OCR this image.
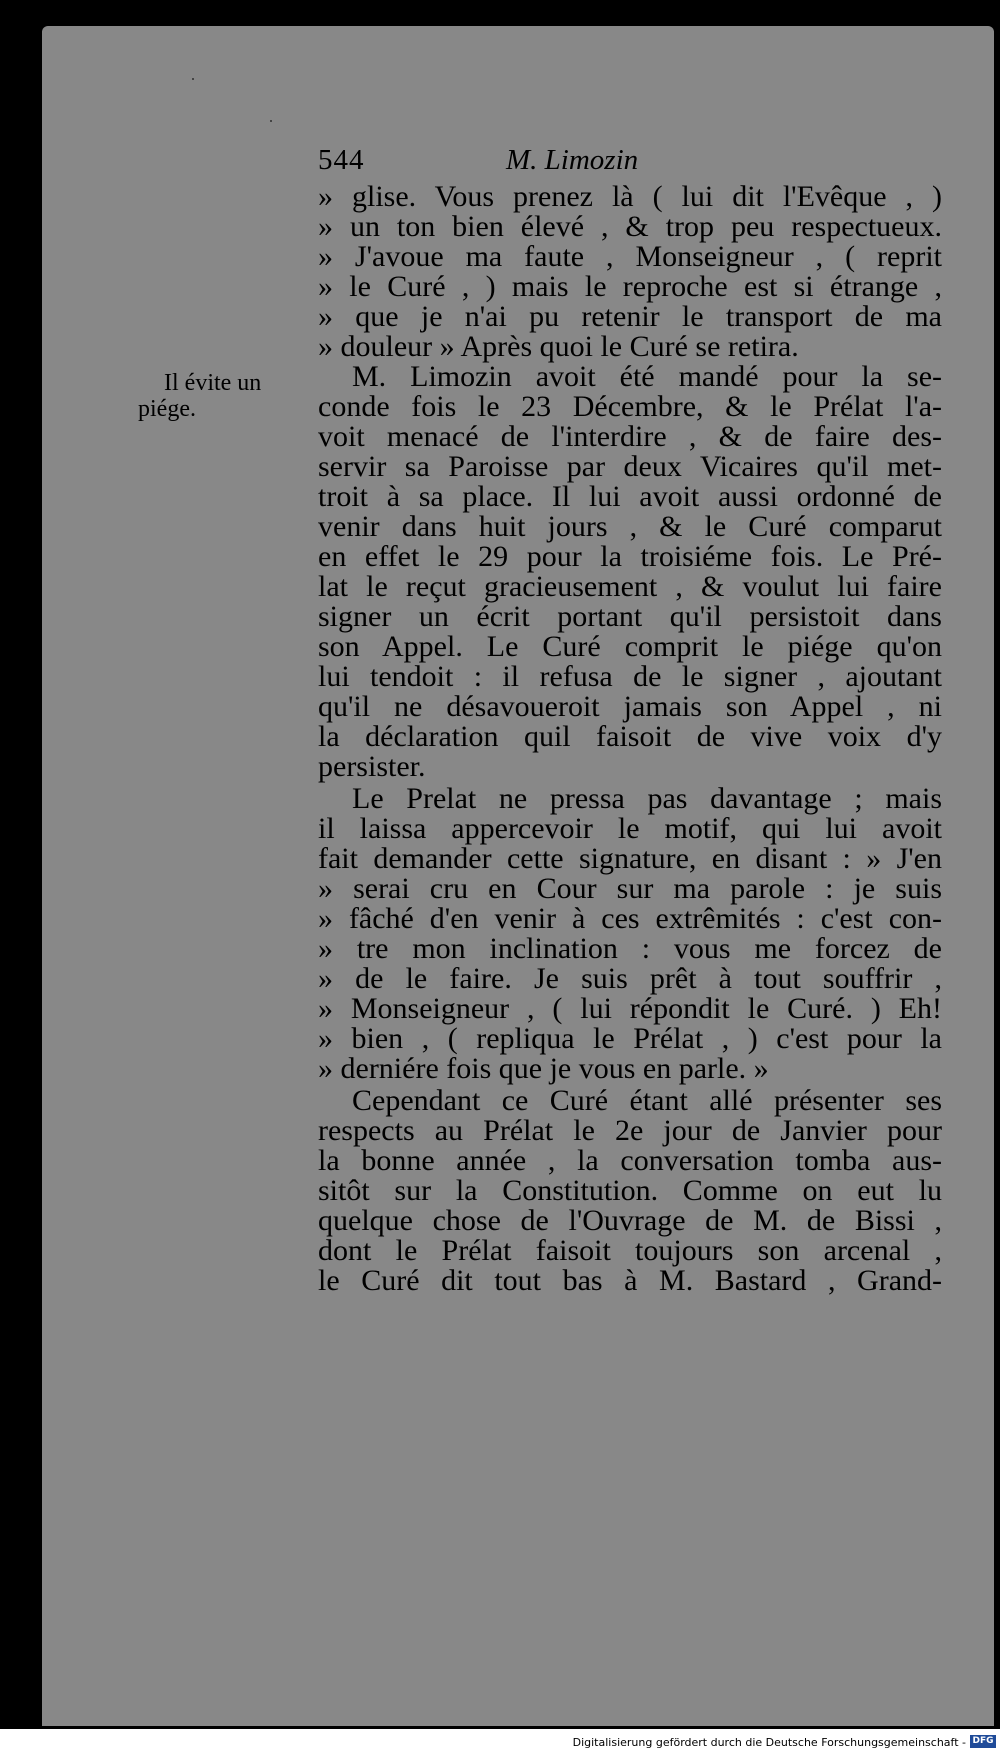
544	M. Limozin
Il évite un
piége.
» glise. Vous prenez là ( lui dit l'Evêque , )
» un ton bien élevé , & trop peu respectueux.
» J'avoue ma faute , Monseigneur , ( reprit
» le Curé , ) mais le reproche est si étrange ,
» que je n'ai pu retenir le transport de ma
» douleur » Après quoi le Curé se retira.
M. Limozin avoit été mandé pour la se-
conde fois le 23 Décembre, & le Prélat l'a-
voit menacé de l'interdire , & de faire des-
servir sa Paroisse par deux Vicaires qu'il met-
troit à sa place. Il lui avoit aussi ordonné de
venir dans huit jours , & le Curé comparut
en effet le 29 pour la troisiéme fois. Le Pré-
lat le reçut gracieusement , & voulut lui faire
signer un écrit portant qu'il persistoit dans
son Appel. Le Curé comprit le piége qu'on
lui tendoit : il refusa de le signer , ajoutant
qu'il ne désavoueroit jamais son Appel , ni
la déclaration quil faisoit de vive voix d'y
persister.
Le Prelat ne pressa pas davantage ; mais
il laissa appercevoir le motif, qui lui avoit
fait demander cette signature, en disant : » J'en
» serai cru en Cour sur ma parole : je suis
» fâché d'en venir à ces extrêmités : c'est con-
» tre mon inclination : vous me forcez de
» de le faire. Je suis prêt à tout souffrir ,
» Monseigneur , ( lui répondit le Curé. ) Eh!
» bien , ( repliqua le Prélat , ) c'est pour la
» derniére fois que je vous en parle. »
Cependant ce Curé étant allé présenter ses
respects au Prélat le 2e jour de Janvier pour
la bonne année , la conversation tomba aus-
sitôt sur la Constitution. Comme on eut lu
quelque chose de l'Ouvrage de M. de Bissi ,
dont le Prélat faisoit toujours son arcenal ,
le Curé dit tout bas à M. Bastard , Grand-
Digitalisierung gefördert durch die Deutsche Forschungsgemeinschaft - DFG
